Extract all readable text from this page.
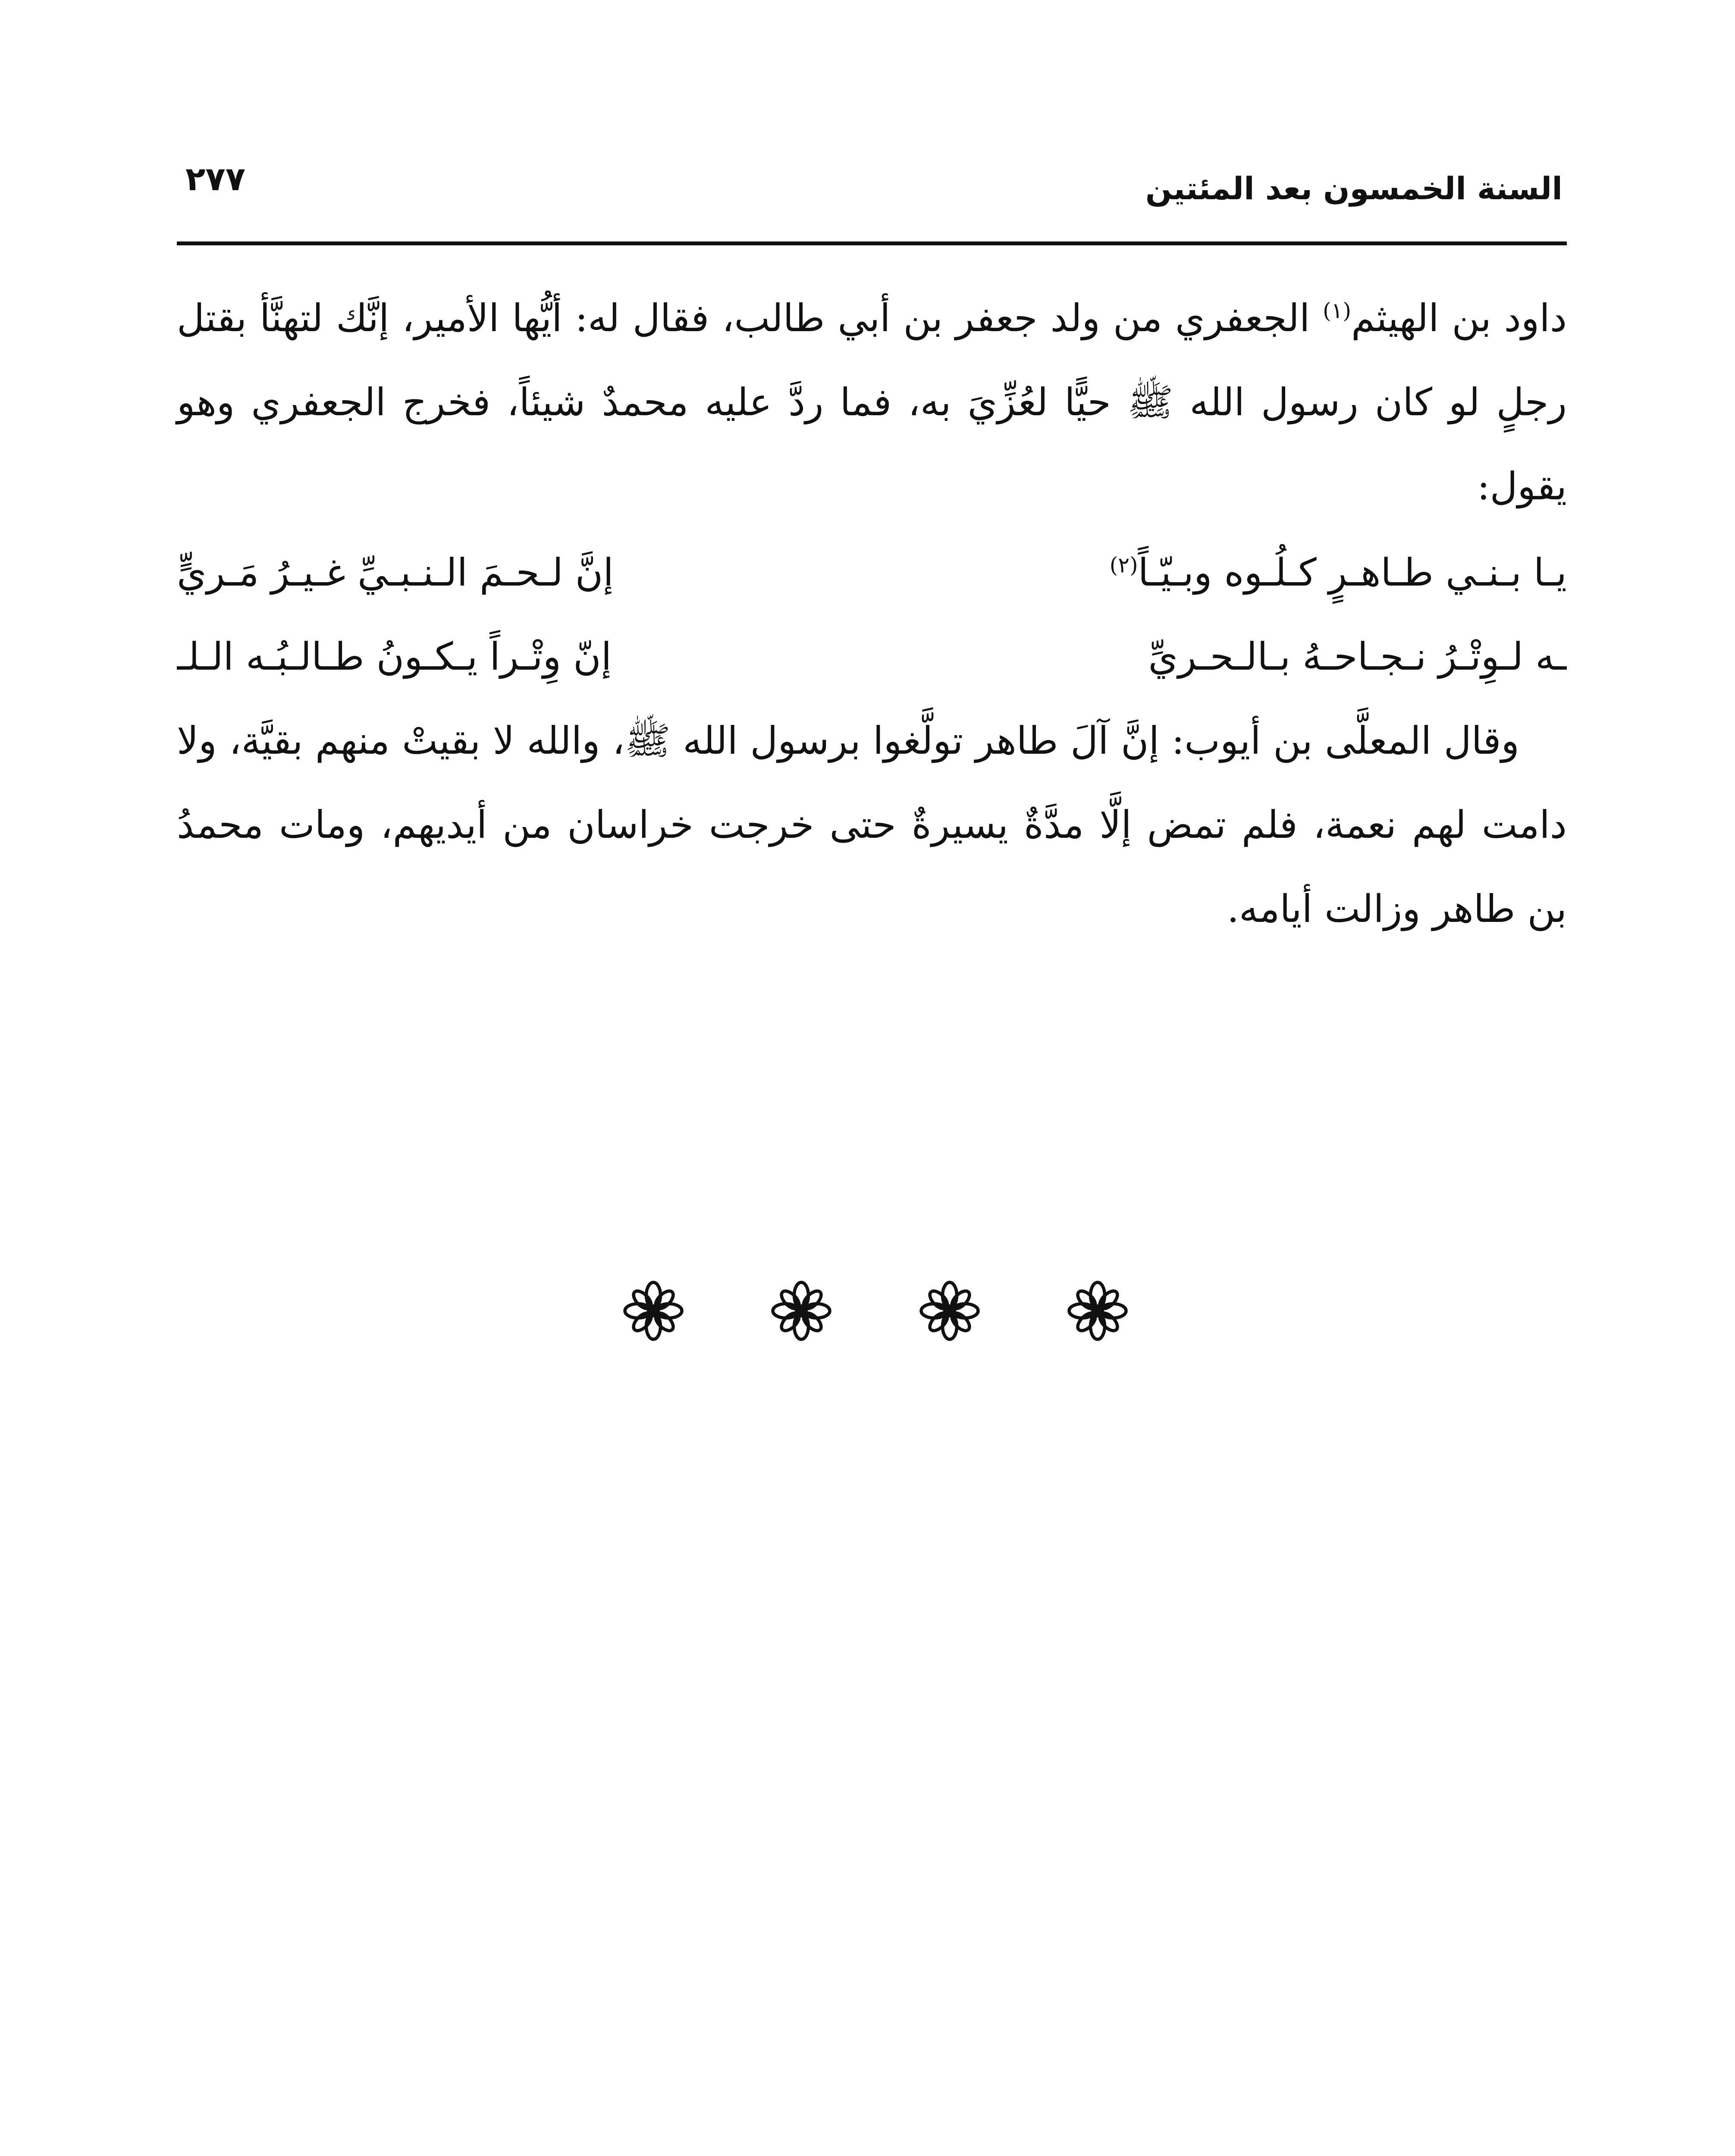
٢٧٧	السنة الخمسون بعد المئتين

داود بن الهيثم$^{(١)}$ الجعفري من ولد جعفر بن أبي طالب، فقال له: أيُّها الأمير، إنَّك لتهنَّأ بقتل رجلٍ لو كان رسول الله ﷺ حيًّا لعُزِّيَ به، فما ردَّ عليه محمدٌ شيئاً، فخرج الجعفري وهو يقول:

يـا بـنـي طـاهـرٍ كـلُـوه وبـيّـاً$^{(٢)}$
إنَّ لـحـمَ الـنـبـيِّ غـيـرُ مَـريٍّ
ـه لـوِتْـرُ نـجـاحـهُ بـالـحـريِّ
إنّ وِتْـراً يـكـونُ طـالـبُـه الـلـ

وقال المعلَّى بن أيوب: إنَّ آلَ طاهر تولَّغوا برسول الله ﷺ، والله لا بقيتْ منهم بقيَّة، ولا دامت لهم نعمة، فلم تمض إلَّا مدَّةٌ يسيرةٌ حتى خرجت خراسان من أيديهم، ومات محمدُ بن طاهر وزالت أيامه.
